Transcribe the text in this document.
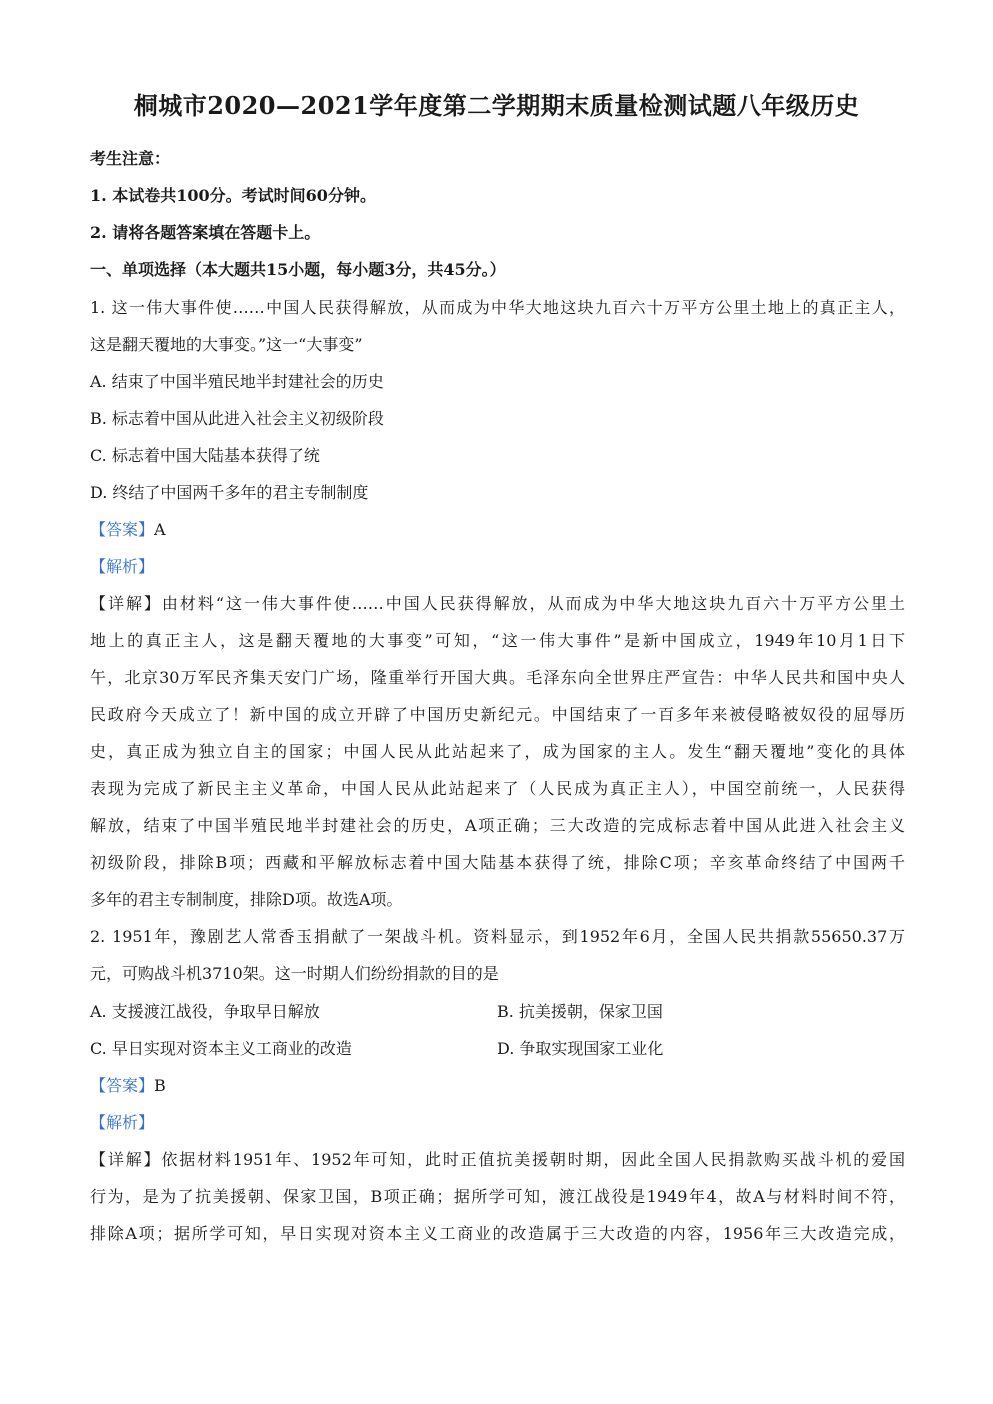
桐城市2020—2021学年度第二学期期末质量检测试题八年级历史
考生注意：
1. 本试卷共100分。考试时间60分钟。
2. 请将各题答案填在答题卡上。
一、单项选择（本大题共15小题，每小题3分，共45分。）
1. 这一伟大事件使……中国人民获得解放，从而成为中华大地这块九百六十万平方公里土地上的真正主人，
这是翻天覆地的大事变。”这一“大事变”
A. 结束了中国半殖民地半封建社会的历史
B. 标志着中国从此进入社会主义初级阶段
C. 标志着中国大陆基本获得了统
D. 终结了中国两千多年的君主专制制度
【答案】A
【解析】
【详解】由材料“这一伟大事件使……中国人民获得解放，从而成为中华大地这块九百六十万平方公里土
地上的真正主人，这是翻天覆地的大事变”可知，“这一伟大事件”是新中国成立，1949年10月1日下
午，北京30万军民齐集天安门广场，隆重举行开国大典。毛泽东向全世界庄严宣告：中华人民共和国中央人
民政府今天成立了！新中国的成立开辟了中国历史新纪元。中国结束了一百多年来被侵略被奴役的屈辱历
史，真正成为独立自主的国家；中国人民从此站起来了，成为国家的主人。发生“翻天覆地”变化的具体
表现为完成了新民主主义革命，中国人民从此站起来了（人民成为真正主人），中国空前统一，人民获得
解放，结束了中国半殖民地半封建社会的历史，A项正确；三大改造的完成标志着中国从此进入社会主义
初级阶段，排除B项；西藏和平解放标志着中国大陆基本获得了统，排除C项；辛亥革命终结了中国两千
多年的君主专制制度，排除D项。故选A项。
2. 1951年，豫剧艺人常香玉捐献了一架战斗机。资料显示，到1952年6月，全国人民共捐款55650.37万
元，可购战斗机3710架。这一时期人们纷纷捐款的目的是
A. 支援渡江战役，争取早日解放	B. 抗美援朝，保家卫国
C. 早日实现对资本主义工商业的改造	D. 争取实现国家工业化
【答案】B
【解析】
【详解】依据材料1951年、1952年可知，此时正值抗美援朝时期，因此全国人民捐款购买战斗机的爱国
行为，是为了抗美援朝、保家卫国，B项正确；据所学可知，渡江战役是1949年4，故A与材料时间不符，
排除A项；据所学可知，早日实现对资本主义工商业的改造属于三大改造的内容，1956年三大改造完成，
